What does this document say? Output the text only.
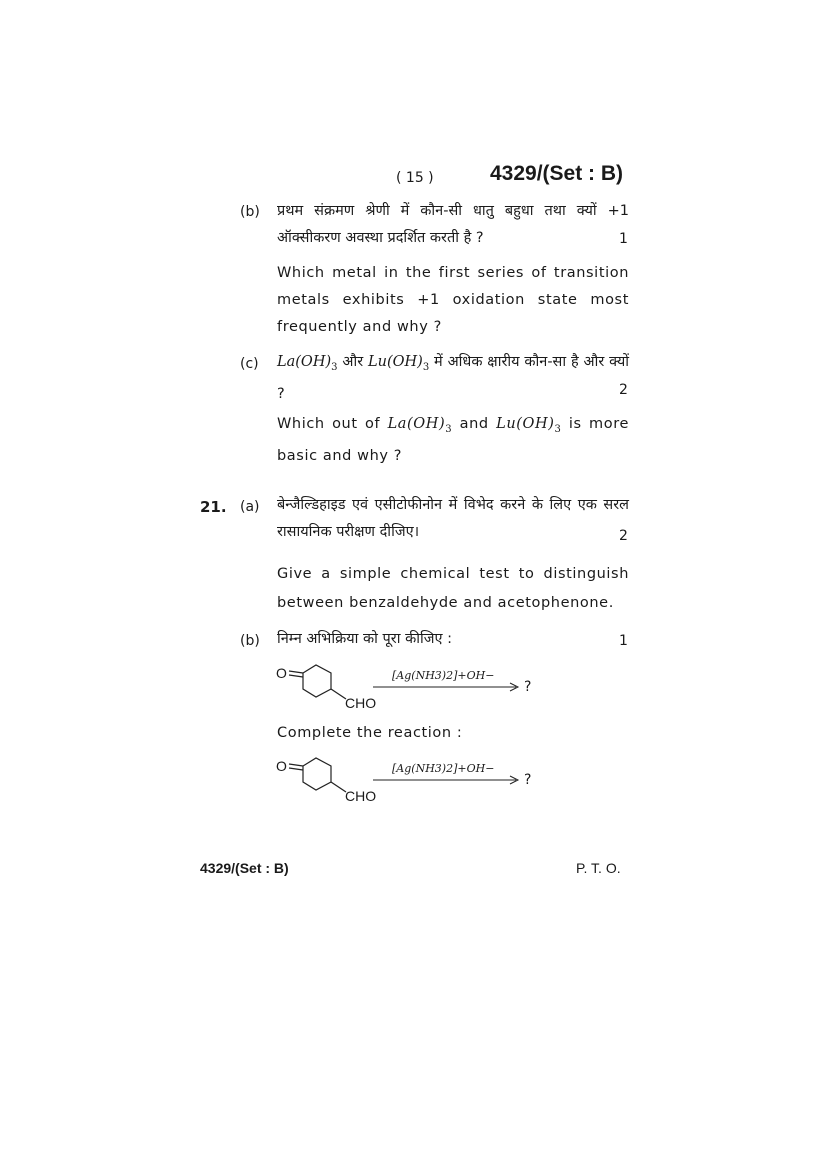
( 15 )	4329/(Set : B)
(b) प्रथम संक्रमण श्रेणी में कौन-सी धातु बहुधा तथा क्यों +1 ऑक्सीकरण अवस्था प्रदर्शित करती है ?	1
Which metal in the first series of transition metals exhibits +1 oxidation state most frequently and why ?
(c) $La(OH)_3$ और $Lu(OH)_3$ में अधिक क्षारीय कौन-सा है और क्यों ?	2
Which out of $La(OH)_3$ and $Lu(OH)_3$ is more basic and why ?
21. (a) बेन्जैल्डिहाइड एवं एसीटोफीनोन में विभेद करने के लिए एक सरल रासायनिक परीक्षण दीजिए।	2
Give a simple chemical test to distinguish between benzaldehyde and acetophenone.
(b) निम्न अभिक्रिया को पूरा कीजिए :	1
O
CHO
[Ag(NH3)2]+OH−
?
Complete the reaction :
O
CHO
[Ag(NH3)2]+OH−
?
4329/(Set : B)	P. T. O.
